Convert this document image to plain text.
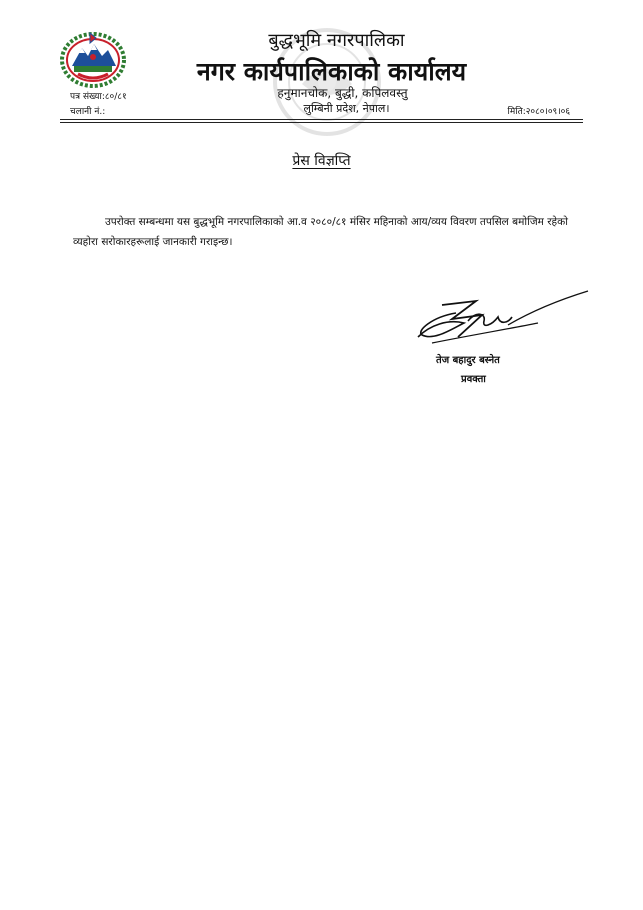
बुद्धभूमि नगरपालिका
नगर कार्यपालिकाको कार्यालय
हनुमानचोक, बुद्धी, कपिलवस्तु
लुम्बिनी प्रदेश, नेपाल।
पत्र संख्या:८०/८१
चलानी नं.:	मिति:२०८०।०९।०६
प्रेस विज्ञप्ति

उपरोक्त सम्बन्धमा यस बुद्धभूमि नगरपालिकाको आ.व २०८०/८१ मंसिर महिनाको आय/व्यय विवरण तपसिल बमोजिम रहेको व्यहोरा सरोकारहरूलाई जानकारी गराइन्छ।

तेज बहादुर बस्नेत
प्रवक्ता
